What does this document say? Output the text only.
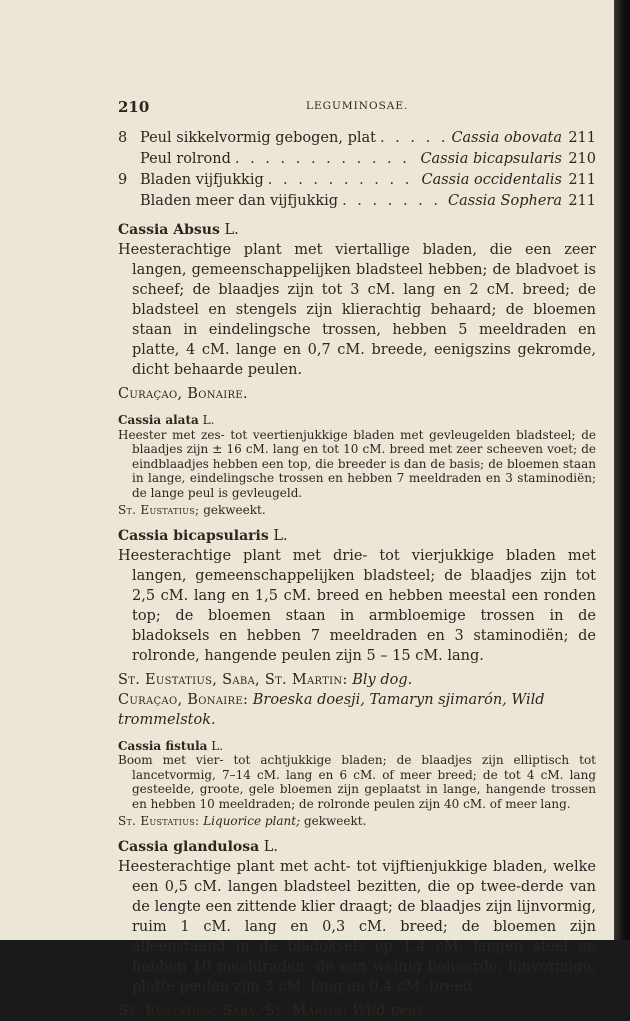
210	LEGUMINOSAE.
8 Peul sikkelvormig gebogen, plat . . .	Cassia obovata 211
Peul rolrond . . .	Cassia bicapsularis 210
9 Bladen vijfjukkig . . .	Cassia occidentalis 211
Bladen meer dan vijfjukkig . . .	Cassia Sophera 211
Cassia Absus L.

Heesterachtige plant met viertallige bladen, die een zeer langen, gemeenschappelijken bladsteel hebben; de bladvoet is scheef; de blaadjes zijn tot 3 cM. lang en 2 cM. breed; de bladsteel en stengels zijn klierachtig behaard; de bloemen staan in eindelingsche trossen, hebben 5 meeldraden en platte, 4 cM. lange en 0,7 cM. breede, eenigszins gekromde, dicht behaarde peulen.

Curaçao, Bonaire.
Cassia alata L.

Heester met zes- tot veertienjukkige bladen met gevleugelden bladsteel; de blaadjes zijn ± 16 cM. lang en tot 10 cM. breed met zeer scheeven voet; de eindblaadjes hebben een top, die breeder is dan de basis; de bloemen staan in lange, eindelingsche trossen en hebben 7 meeldraden en 3 staminodiën; de lange peul is gevleugeld.

St. Eustatius; gekweekt.
Cassia bicapsularis L.

Heesterachtige plant met drie- tot vierjukkige bladen met langen, gemeenschappelijken bladsteel; de blaadjes zijn tot 2,5 cM. lang en 1,5 cM. breed en hebben meestal een ronden top; de bloemen staan in armbloemige trossen in de bladoksels en hebben 7 meeldraden en 3 staminodiën; de rolronde, hangende peulen zijn 5 – 15 cM. lang.

St. Eustatius, Saba, St. Martin: Bly dog.
Curaçao, Bonaire: Broeska doesji, Tamaryn sjimarón, Wild trommelstok.
Cassia fistula L.

Boom met vier- tot achtjukkige bladen; de blaadjes zijn elliptisch tot lancetvormig, 7–14 cM. lang en 6 cM. of meer breed; de tot 4 cM. lang gesteelde, groote, gele bloemen zijn geplaatst in lange, hangende trossen en hebben 10 meeldraden; de rolronde peulen zijn 40 cM. of meer lang.

St. Eustatius: Liquorice plant; gekweekt.
Cassia glandulosa L.

Heesterachtige plant met acht- tot vijftienjukkige bladen, welke een 0,5 cM. langen bladsteel bezitten, die op twee-derde van de lengte een zittende klier draagt; de blaadjes zijn lijnvormig, ruim 1 cM. lang en 0,3 cM. breed; de bloemen zijn alleenstaand in de bladoksels op 1,4 cM. langen steel en hebben 10 meeldraden; de een weinig behaarde, lijnvormige, platte peulen zijn 3 cM. lang en 0,4 cM. breed.

St. Eustatius, Saba, St. Martin: Wild peas.
